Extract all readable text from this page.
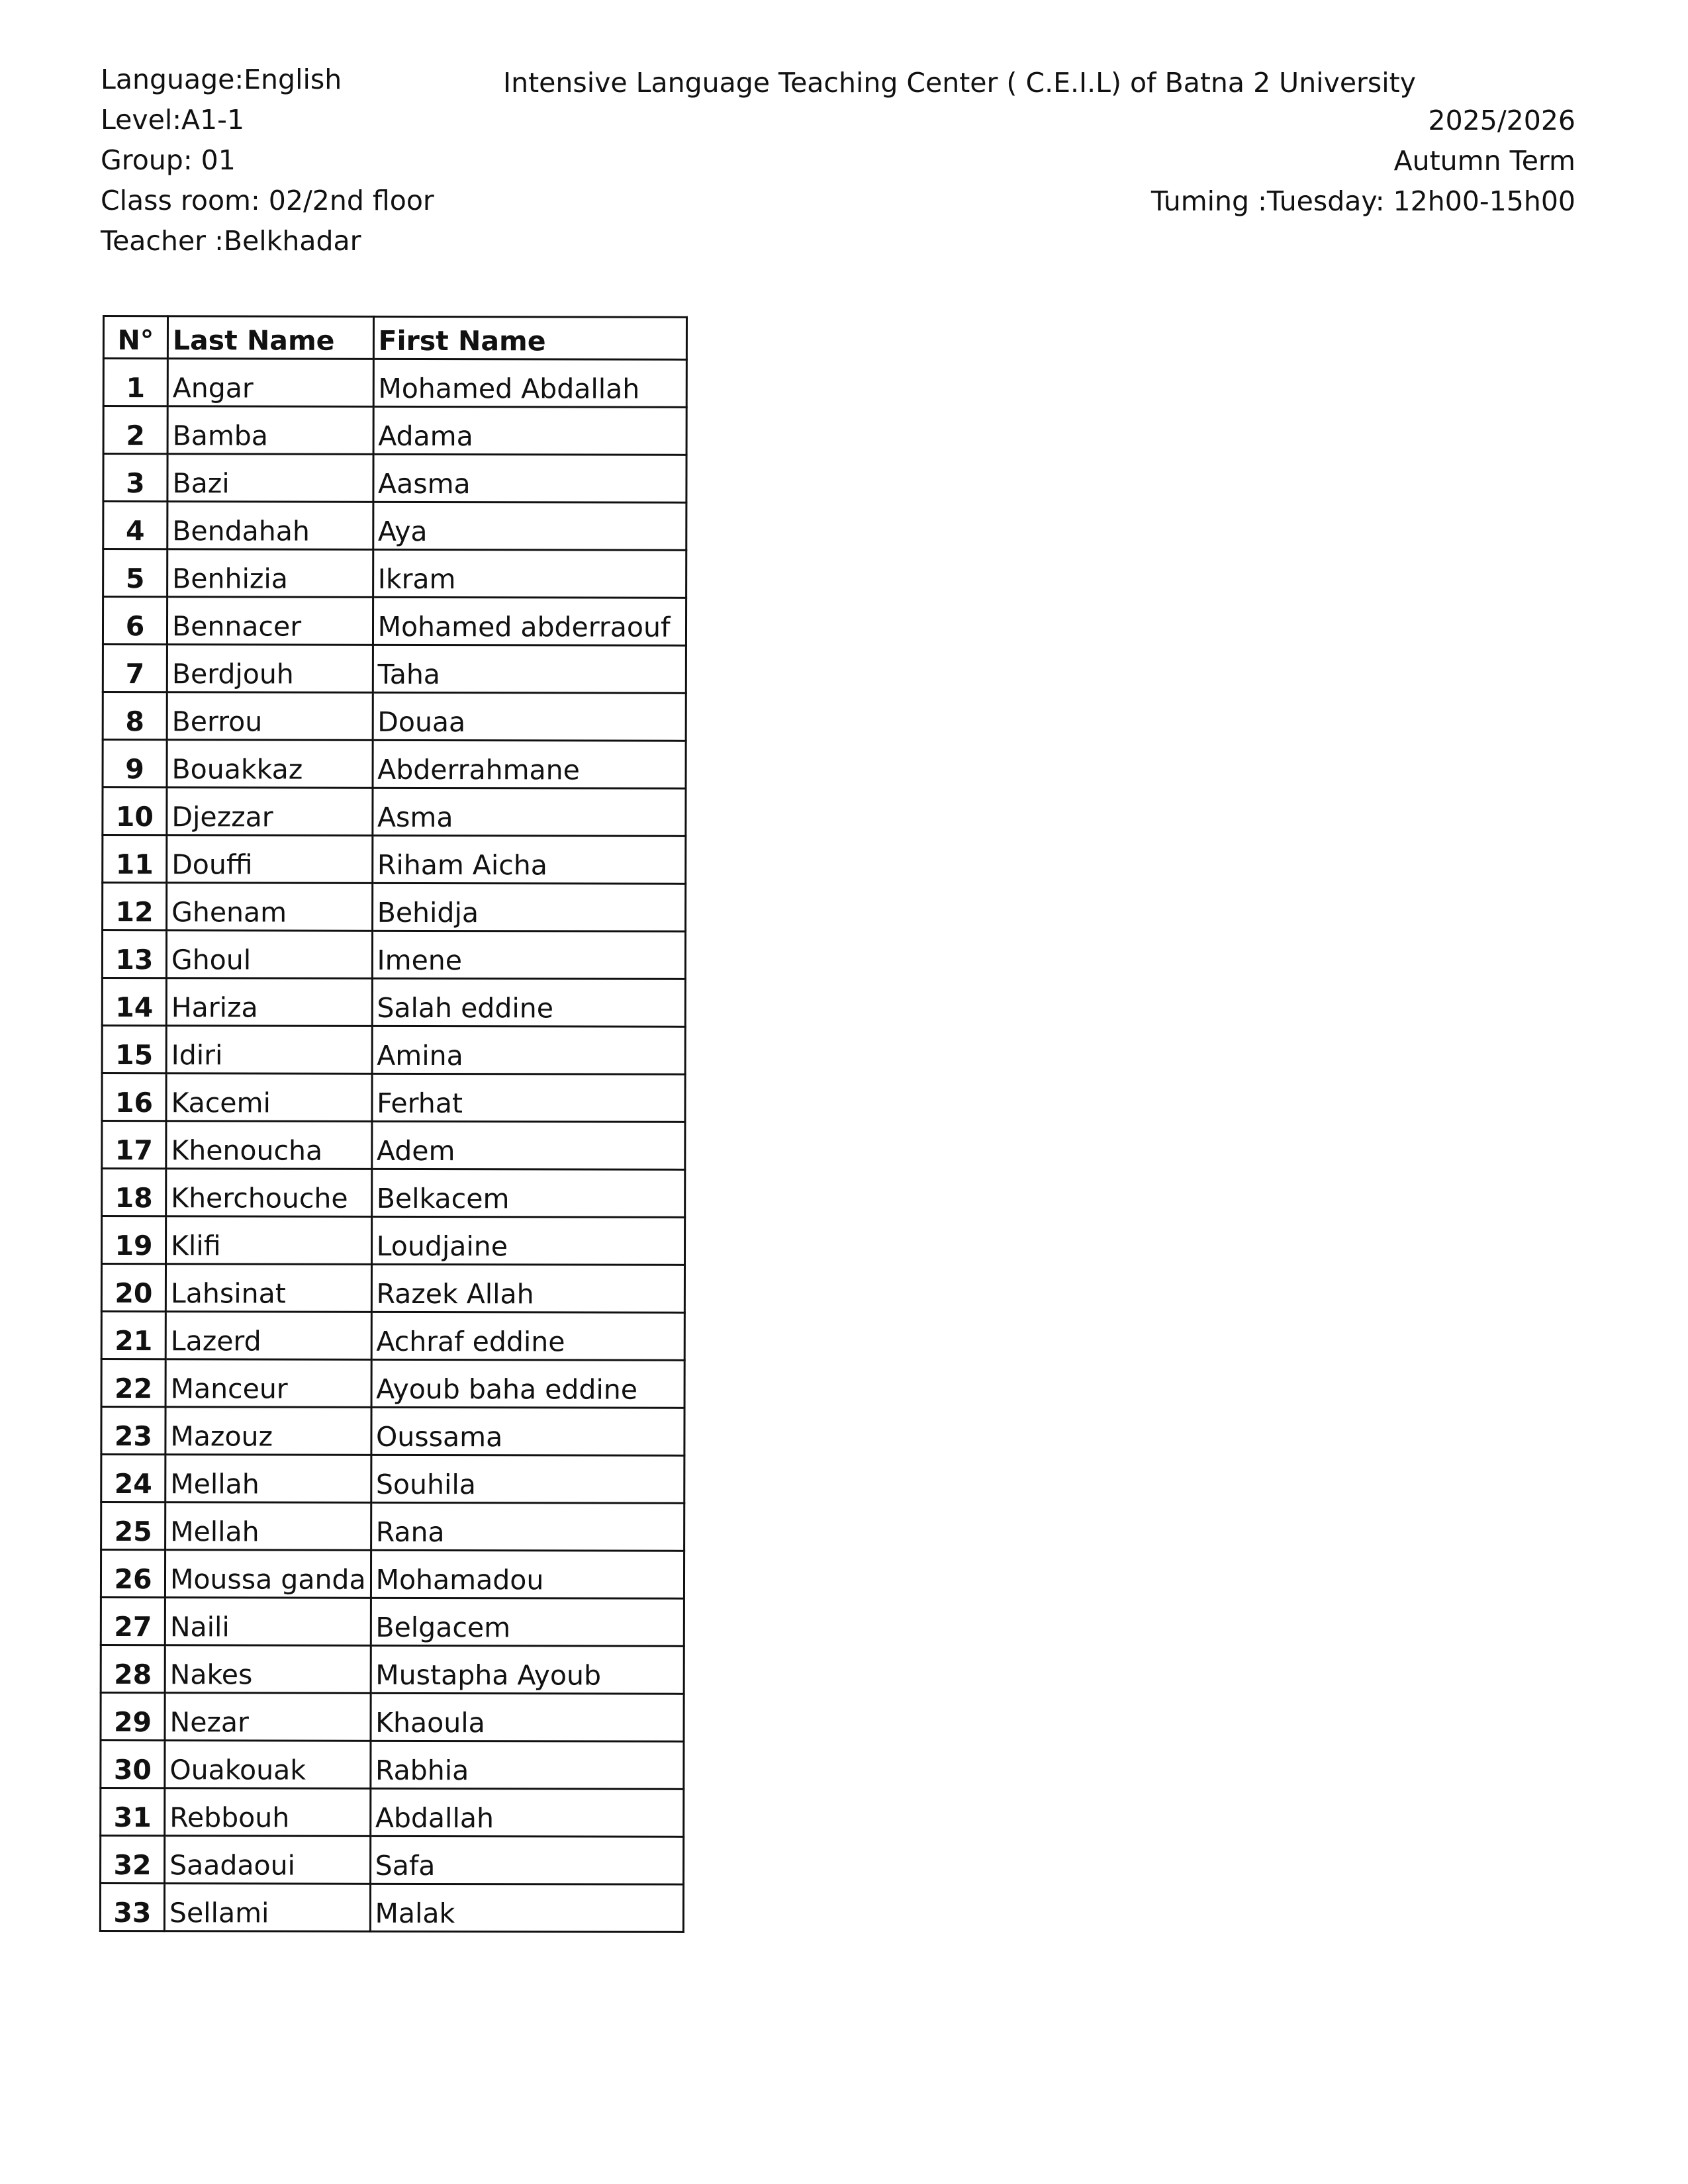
Language:English
Level:A1-1
Group: 01
Class room: 02/2nd floor
Teacher :Belkhadar
Intensive Language Teaching Center ( C.E.I.L) of Batna 2 University
2025/2026
Autumn Term
Tuming :Tuesday: 12h00-15h00
N°	Last Name	First Name
1	Angar	Mohamed Abdallah
2	Bamba	Adama
3	Bazi	Aasma
4	Bendahah	Aya
5	Benhizia	Ikram
6	Bennacer	Mohamed abderraouf
7	Berdjouh	Taha
8	Berrou	Douaa
9	Bouakkaz	Abderrahmane
10	Djezzar	Asma
11	Douffi	Riham Aicha
12	Ghenam	Behidja
13	Ghoul	Imene
14	Hariza	Salah eddine
15	Idiri	Amina
16	Kacemi	Ferhat
17	Khenoucha	Adem
18	Kherchouche	Belkacem
19	Klifi	Loudjaine
20	Lahsinat	Razek Allah
21	Lazerd	Achraf eddine
22	Manceur	Ayoub baha eddine
23	Mazouz	Oussama
24	Mellah	Souhila
25	Mellah	Rana
26	Moussa ganda	Mohamadou
27	Naili	Belgacem
28	Nakes	Mustapha Ayoub
29	Nezar	Khaoula
30	Ouakouak	Rabhia
31	Rebbouh	Abdallah
32	Saadaoui	Safa
33	Sellami	Malak
